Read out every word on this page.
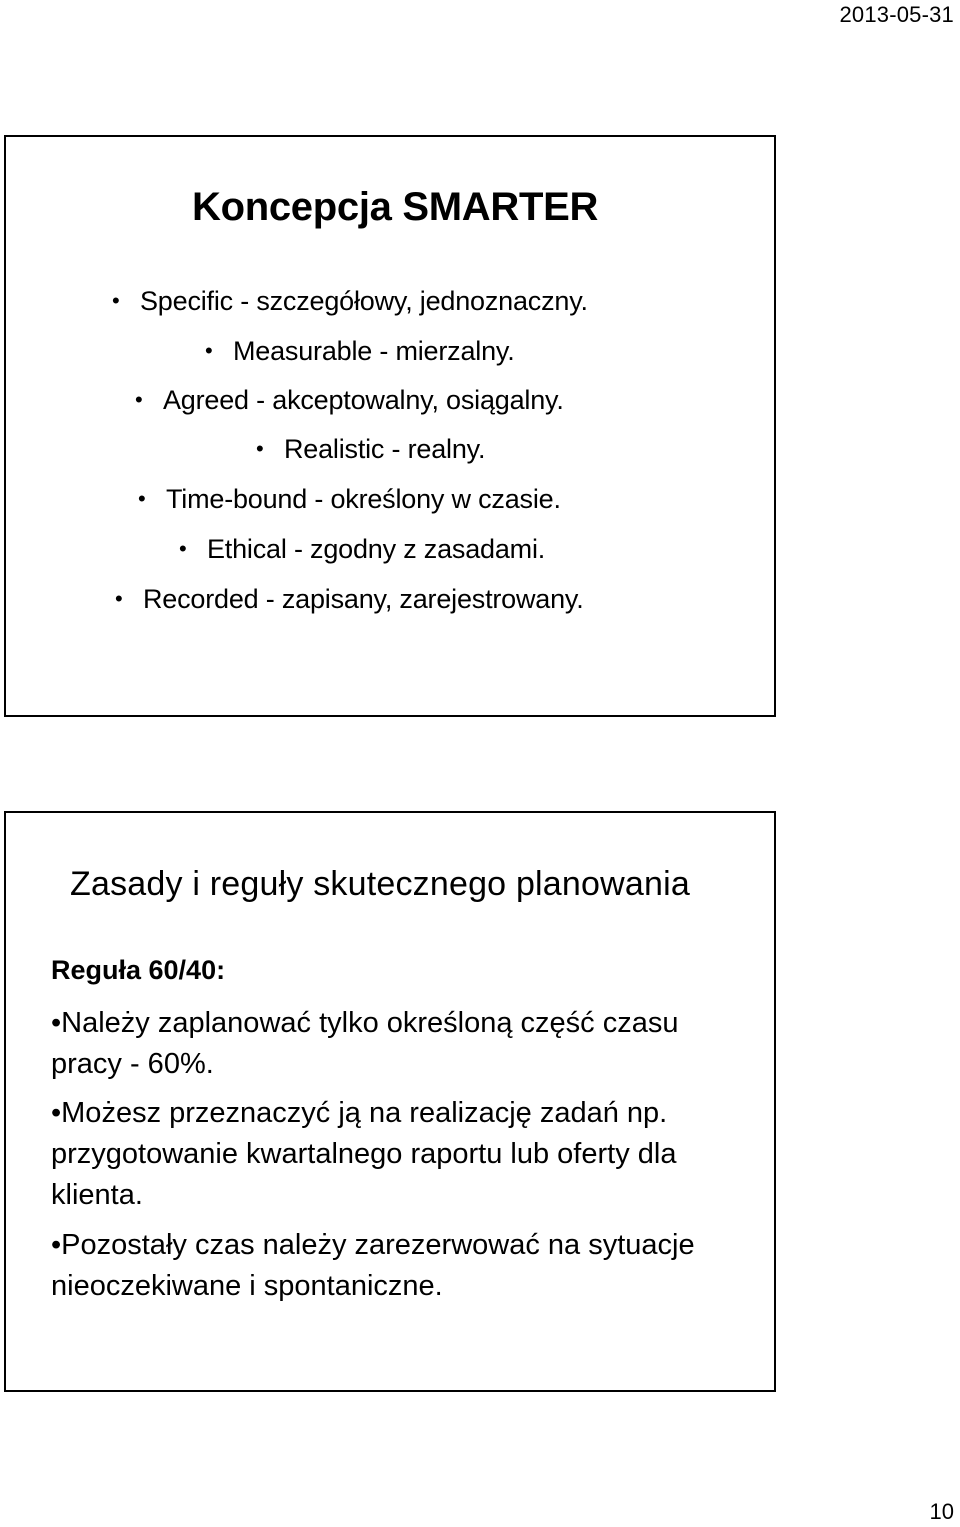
2013-05-31
Koncepcja SMARTER
• Specific - szczegółowy, jednoznaczny.
• Measurable - mierzalny.
• Agreed - akceptowalny, osiągalny.
• Realistic - realny.
• Time-bound - określony w czasie.
• Ethical - zgodny z zasadami.
• Recorded - zapisany, zarejestrowany.
Zasady i reguły skutecznego planowania
Reguła 60/40:

•Należy zaplanować tylko określoną część czasu pracy - 60%.

•Możesz przeznaczyć ją na realizację zadań np. przygotowanie kwartalnego raportu lub oferty dla klienta.

•Pozostały czas należy zarezerwować na sytuacje nieoczekiwane i spontaniczne.

10
